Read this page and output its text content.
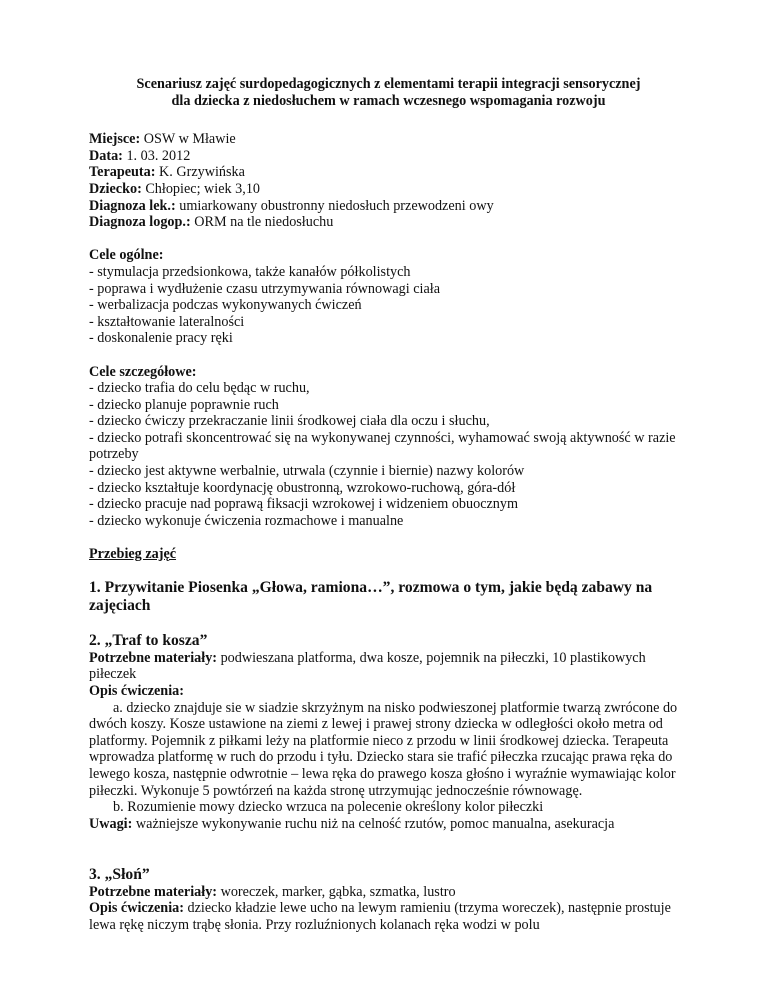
Scenariusz zajęć surdopedagogicznych z elementami terapii integracji sensorycznej
dla dziecka z niedosłuchem w ramach wczesnego wspomagania rozwoju

Miejsce: OSW w Mławie

Data: 1. 03. 2012

Terapeuta: K. Grzywińska

Dziecko: Chłopiec; wiek 3,10

Diagnoza lek.: umiarkowany obustronny niedosłuch przewodzeni owy

Diagnoza logop.: ORM na tle niedosłuchu

Cele ogólne:

- stymulacja przedsionkowa, także kanałów półkolistych
- poprawa i wydłużenie czasu utrzymywania równowagi ciała
- werbalizacja podczas wykonywanych ćwiczeń
- kształtowanie lateralności
- doskonalenie pracy ręki

Cele szczegółowe:

- dziecko trafia do celu będąc w ruchu,
- dziecko planuje poprawnie ruch
- dziecko ćwiczy przekraczanie linii środkowej ciała dla oczu i słuchu,
- dziecko potrafi skoncentrować się na wykonywanej czynności, wyhamować swoją aktywność w razie potrzeby
- dziecko jest aktywne werbalnie, utrwala (czynnie i biernie) nazwy kolorów
- dziecko kształtuje koordynację obustronną, wzrokowo-ruchową, góra-dół
- dziecko pracuje nad poprawą fiksacji wzrokowej i widzeniem obuocznym
- dziecko wykonuje ćwiczenia rozmachowe i manualne

Przebieg zajęć

1. Przywitanie Piosenka „Głowa, ramiona…”, rozmowa o tym, jakie będą zabawy na zajęciach

2. „Traf to kosza”

Potrzebne materiały: podwieszana platforma, dwa kosze, pojemnik na piłeczki, 10 plastikowych piłeczek

Opis ćwiczenia:

a. dziecko znajduje sie w siadzie skrzyżnym na nisko podwieszonej platformie twarzą zwrócone do dwóch koszy. Kosze ustawione na ziemi z lewej i prawej strony dziecka w odległości około metra od platformy. Pojemnik z piłkami leży na platformie nieco z przodu w linii środkowej dziecka. Terapeuta wprowadza platformę w ruch do przodu i tyłu. Dziecko stara sie trafić piłeczka rzucając prawa ręka do lewego kosza, następnie odwrotnie – lewa ręka do prawego kosza głośno i wyraźnie wymawiając kolor piłeczki. Wykonuje 5 powtórzeń na każda stronę utrzymując jednocześnie równowagę.

b. Rozumienie mowy dziecko wrzuca na polecenie określony kolor piłeczki

Uwagi: ważniejsze wykonywanie ruchu niż na celność rzutów, pomoc manualna, asekuracja

3. „Słoń”

Potrzebne materiały: woreczek, marker, gąbka, szmatka, lustro

Opis ćwiczenia: dziecko kładzie lewe ucho na lewym ramieniu (trzyma woreczek), następnie prostuje lewa rękę niczym trąbę słonia. Przy rozluźnionych kolanach ręka wodzi w polu
